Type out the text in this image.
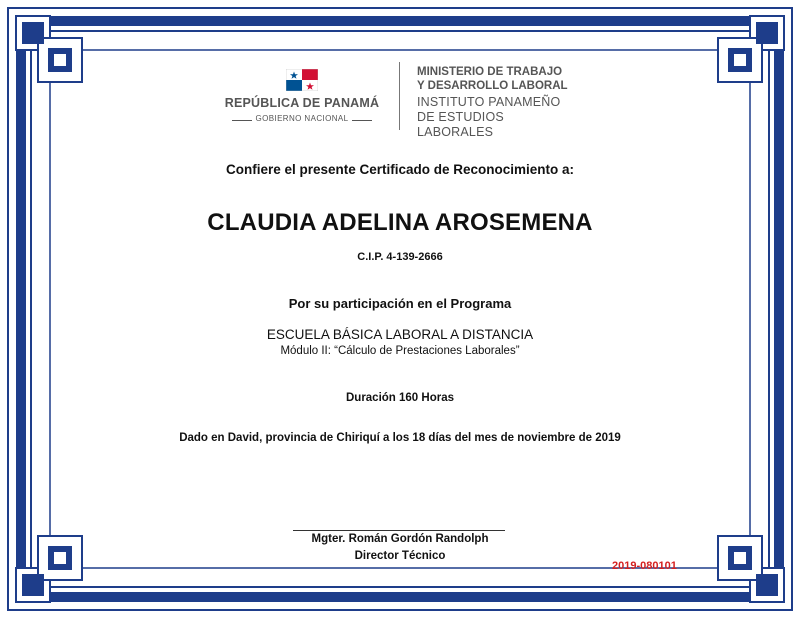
REPÚBLICA DE PANAMÁ
GOBIERNO NACIONAL
MINISTERIO DE TRABAJO
Y DESARROLLO LABORAL
INSTITUTO PANAMEÑO
DE ESTUDIOS LABORALES
Confiere el presente Certificado de Reconocimiento a:
CLAUDIA ADELINA AROSEMENA
C.I.P. 4-139-2666
Por su participación en el Programa
ESCUELA BÁSICA LABORAL A DISTANCIA
Módulo II: “Cálculo de Prestaciones Laborales”
Duración 160 Horas
Dado en David, provincia de Chiriquí a los 18 días del mes de noviembre de 2019
Mgter. Román Gordón Randolph
Director Técnico
2019-080101
